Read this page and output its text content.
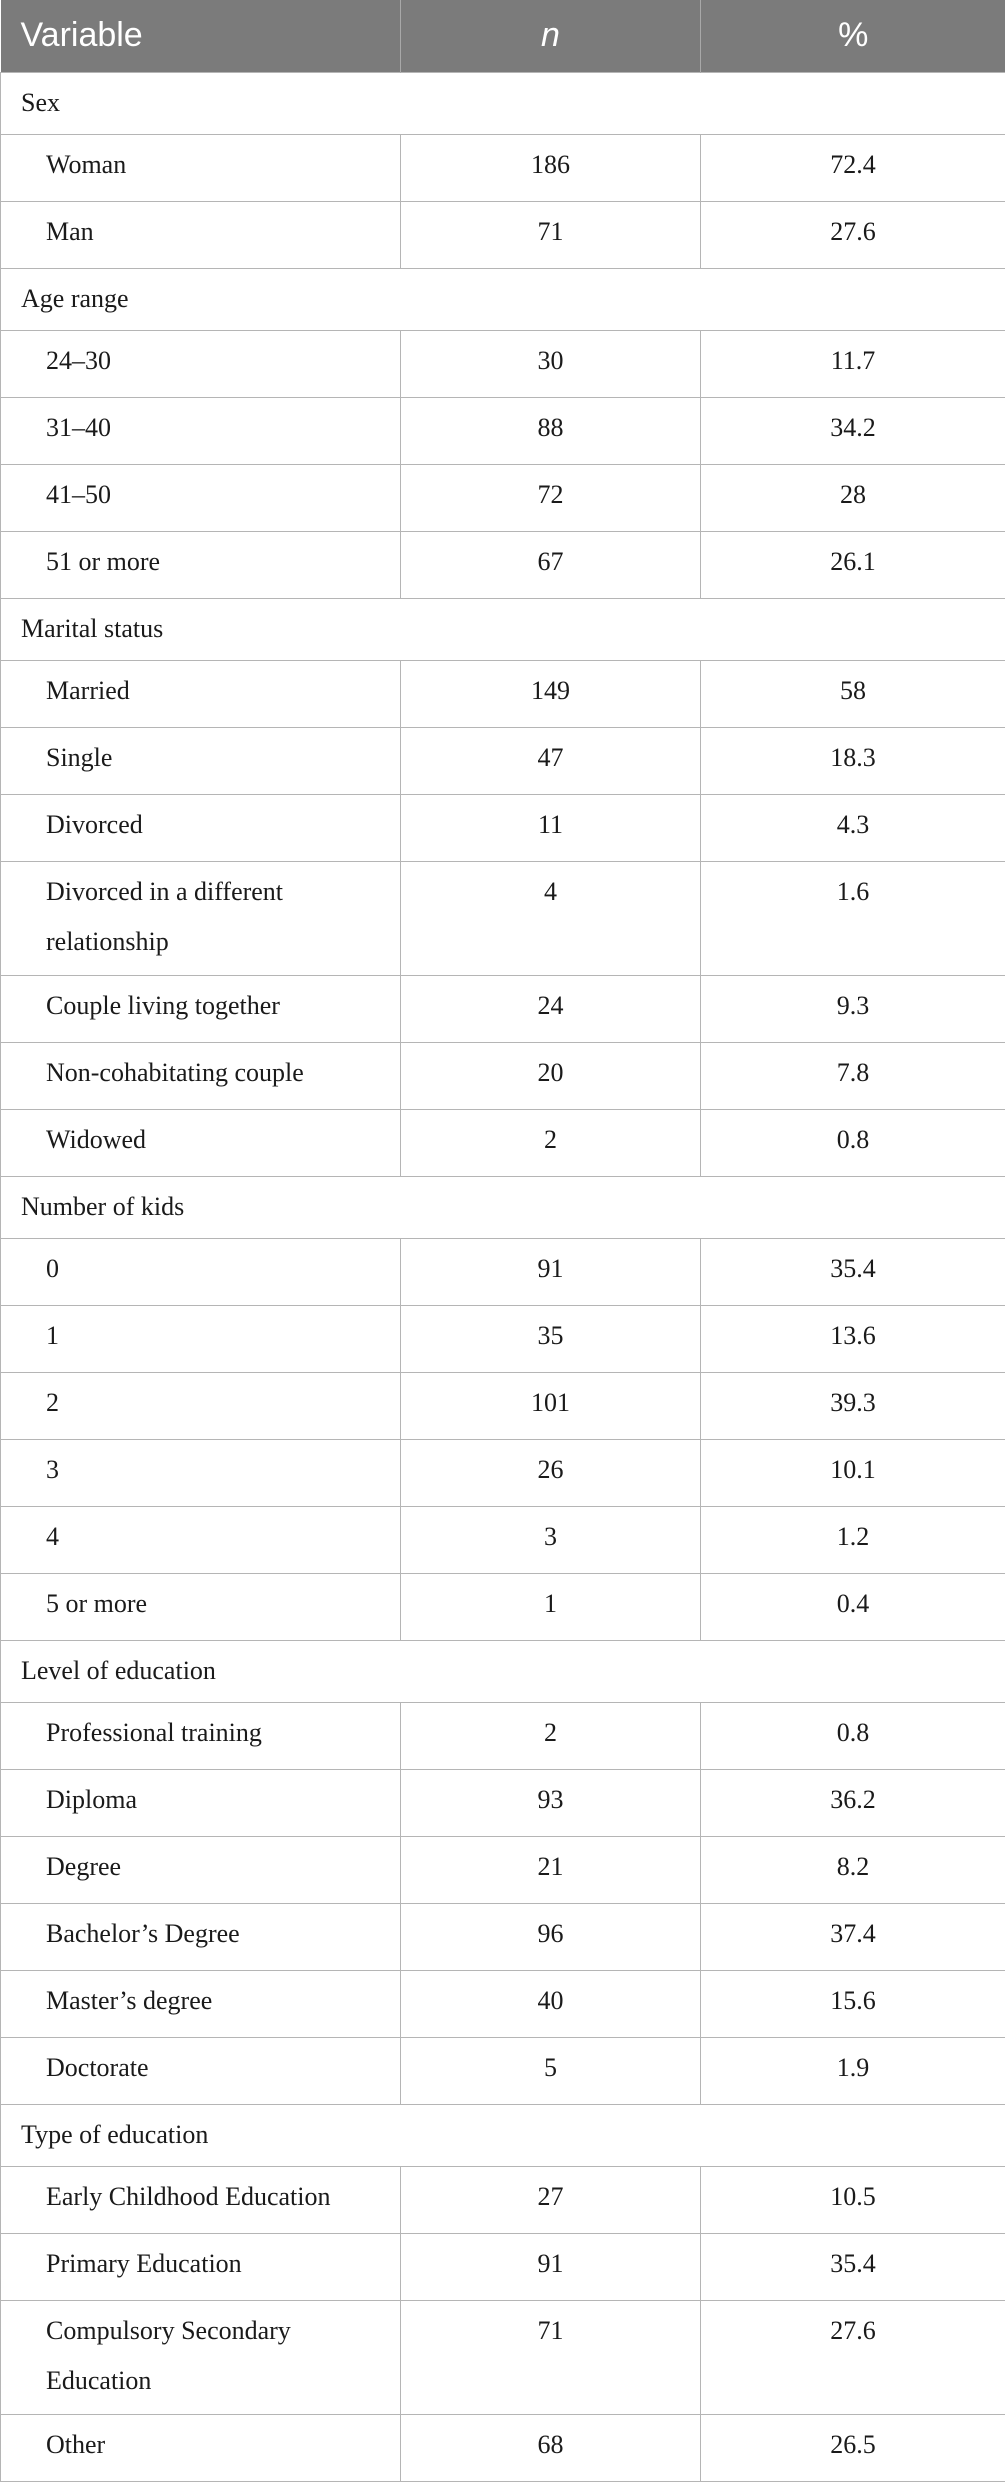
Variable	n	%
Sex		
Woman	186	72.4
Man	71	27.6
Age range		
24–30	30	11.7
31–40	88	34.2
41–50	72	28
51 or more	67	26.1
Marital status		
Married	149	58
Single	47	18.3
Divorced	11	4.3
Divorced in a different relationship	4	1.6
Couple living together	24	9.3
Non-cohabitating couple	20	7.8
Widowed	2	0.8
Number of kids		
0	91	35.4
1	35	13.6
2	101	39.3
3	26	10.1
4	3	1.2
5 or more	1	0.4
Level of education		
Professional training	2	0.8
Diploma	93	36.2
Degree	21	8.2
Bachelor’s Degree	96	37.4
Master’s degree	40	15.6
Doctorate	5	1.9
Type of education		
Early Childhood Education	27	10.5
Primary Education	91	35.4
Compulsory Secondary Education	71	27.6
Other	68	26.5
